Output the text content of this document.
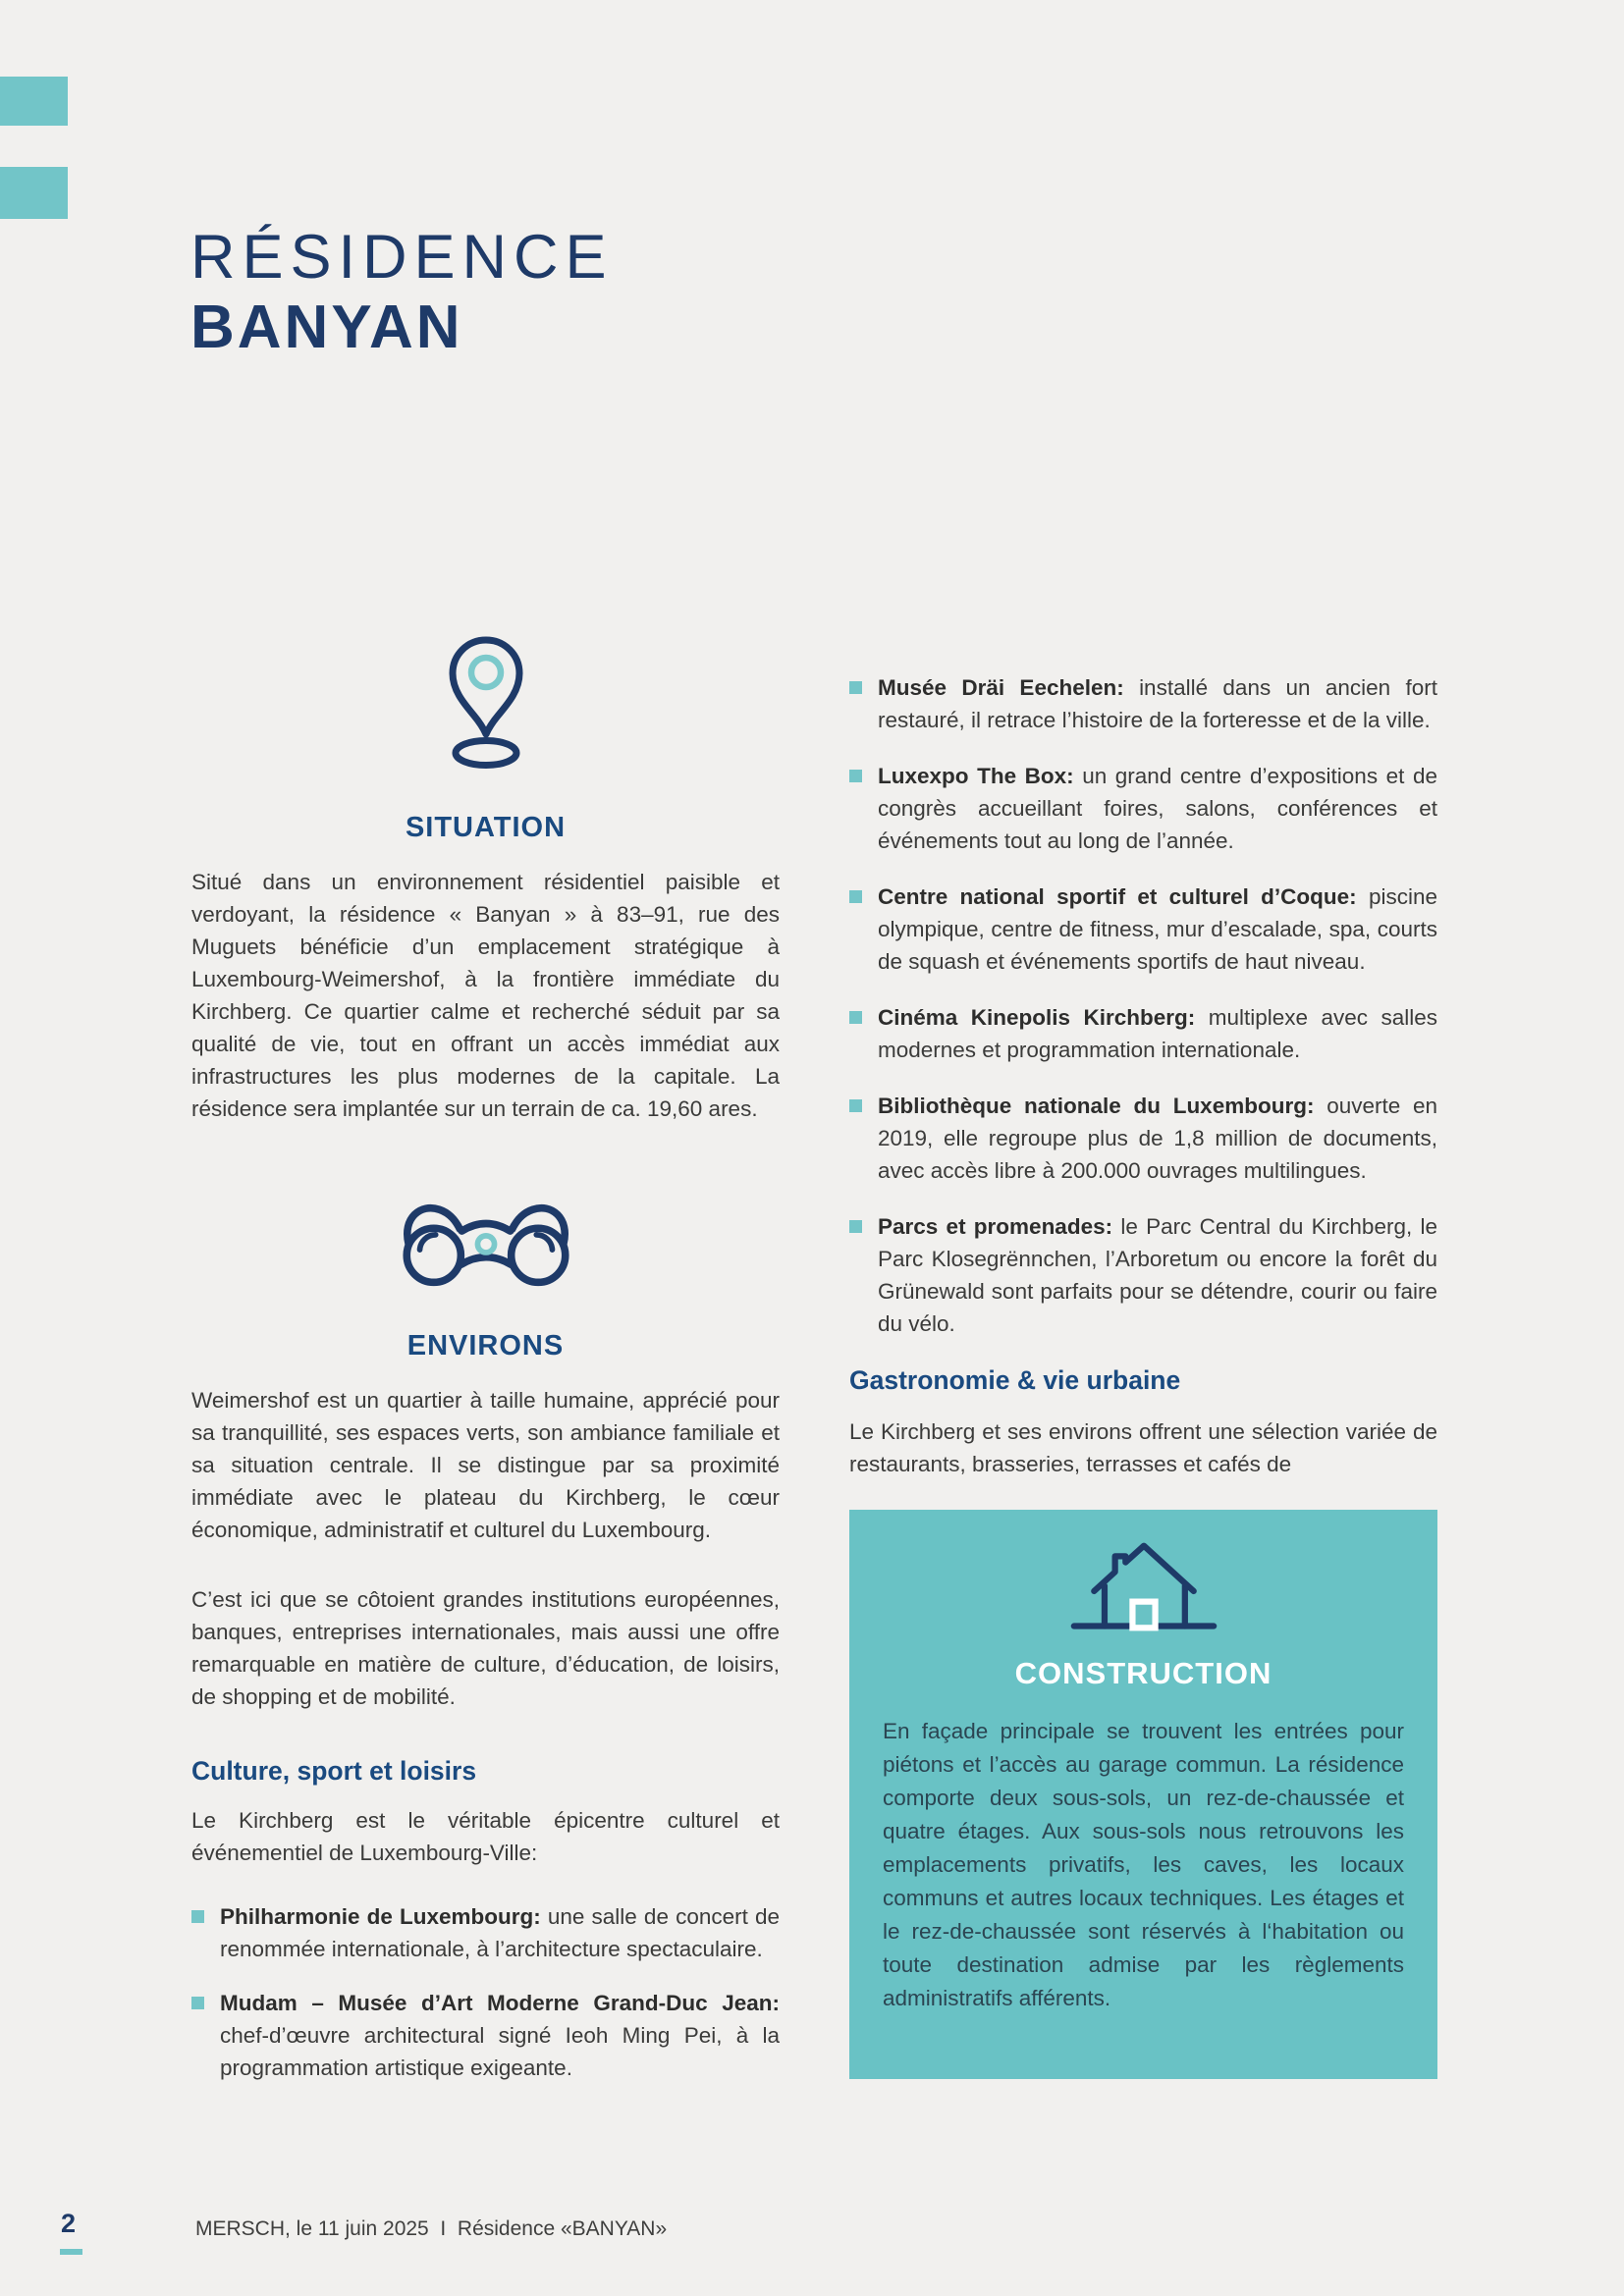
RÉSIDENCE
BANYAN
SITUATION

Situé dans un environnement résidentiel paisible et verdoyant, la résidence « Banyan » à 83–91, rue des Muguets bénéficie d’un emplacement stratégique à Luxembourg-Weimershof, à la frontière immédiate du Kirchberg. Ce quartier calme et recherché séduit par sa qualité de vie, tout en offrant un accès immédiat aux infrastructures les plus modernes de la capitale. La résidence sera implantée sur un terrain de ca. 19,60 ares.

ENVIRONS

Weimershof est un quartier à taille humaine, apprécié pour sa tranquillité, ses espaces verts, son ambiance familiale et sa situation centrale. Il se distingue par sa proximité immédiate avec le plateau du Kirchberg, le cœur économique, administratif et culturel du Luxembourg.

C’est ici que se côtoient grandes institutions européennes, banques, entreprises internationales, mais aussi une offre remarquable en matière de culture, d’éducation, de loisirs, de shopping et de mobilité.

Culture, sport et loisirs

Le Kirchberg est le véritable épicentre culturel et événementiel de Luxembourg-Ville:

Philharmonie de Luxembourg: une salle de concert de renommée internationale, à l’architecture spectaculaire.
Mudam – Musée d’Art Moderne Grand-Duc Jean: chef-d’œuvre architectural signé Ieoh Ming Pei, à la programmation artistique exigeante.
Musée Dräi Eechelen: installé dans un ancien fort restauré, il retrace l’histoire de la forteresse et de la ville.
Luxexpo The Box: un grand centre d’expositions et de congrès accueillant foires, salons, conférences et événements tout au long de l’année.
Centre national sportif et culturel d’Coque: piscine olympique, centre de fitness, mur d’escalade, spa, courts de squash et événements sportifs de haut niveau.
Cinéma Kinepolis Kirchberg: multiplexe avec salles modernes et programmation internationale.
Bibliothèque nationale du Luxembourg: ouverte en 2019, elle regroupe plus de 1,8 million de documents, avec accès libre à 200.000 ouvrages multilingues.
Parcs et promenades: le Parc Central du Kirchberg, le Parc Klosegrënnchen, l’Arboretum ou encore la forêt du Grünewald sont parfaits pour se détendre, courir ou faire du vélo.
Gastronomie & vie urbaine

Le Kirchberg et ses environs offrent une sélection variée de restaurants, brasseries, terrasses et cafés de

CONSTRUCTION

En façade principale se trouvent les entrées pour piétons et l’accès au garage commun. La résidence comporte deux sous-sols, un rez-de-chaussée et quatre étages. Aux sous-sols nous retrouvons les emplacements privatifs, les caves, les locaux communs et autres locaux techniques. Les étages et le rez-de-chaussée sont réservés à l‘habitation ou toute destination admise par les règlements administratifs afférents.

2	MERSCH, le 11 juin 2025  I  Résidence «BANYAN»
